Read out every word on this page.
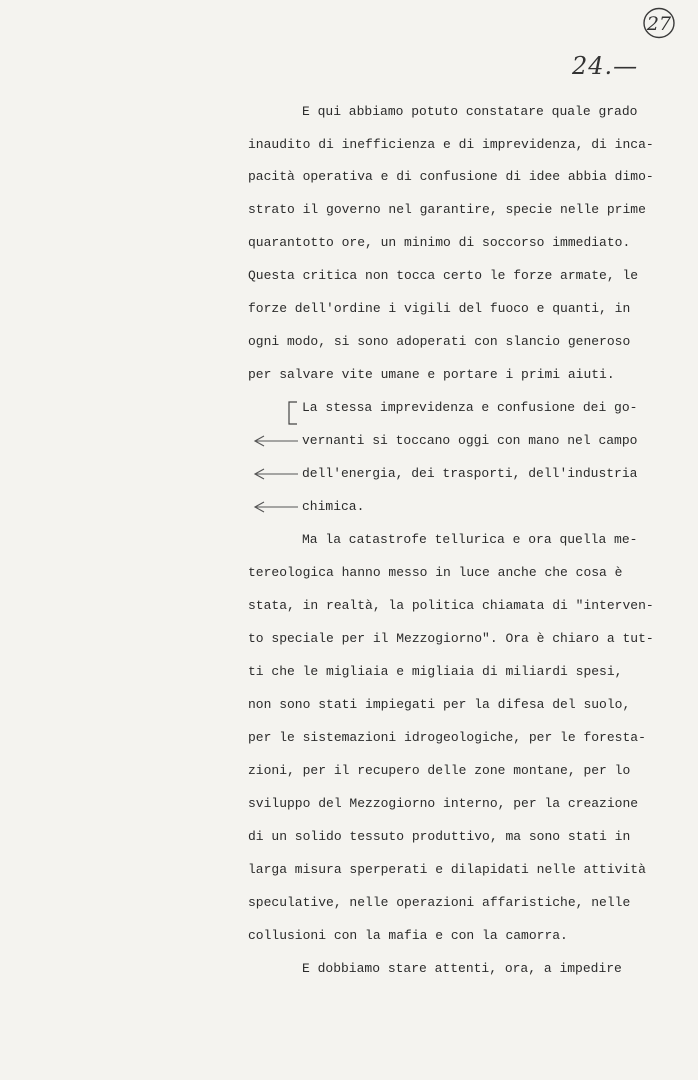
27
24.—
E qui abbiamo potuto constatare quale grado
inaudito di inefficienza e di imprevidenza, di inca-
pacità operativa e di confusione di idee abbia dimo-
strato il governo nel garantire, specie nelle prime
quarantotto ore, un minimo di soccorso immediato.
Questa critica non tocca certo le forze armate, le
forze dell'ordine i vigili del fuoco e quanti, in
ogni modo, si sono adoperati con slancio generoso
per salvare vite umane e portare i primi aiuti.
La stessa imprevidenza e confusione dei go-
vernanti si toccano oggi con mano nel campo
dell'energia, dei trasporti, dell'industria
chimica.
Ma la catastrofe tellurica e ora quella me-
tereologica hanno messo in luce anche che cosa è
stata, in realtà, la politica chiamata di "interven-
to speciale per il Mezzogiorno". Ora è chiaro a tut-
ti che le migliaia e migliaia di miliardi spesi,
non sono stati impiegati per la difesa del suolo,
per le sistemazioni idrogeologiche, per le foresta-
zioni, per il recupero delle zone montane, per lo
sviluppo del Mezzogiorno interno, per la creazione
di un solido tessuto produttivo, ma sono stati in
larga misura sperperati e dilapidati nelle attività
speculative, nelle operazioni affaristiche, nelle
collusioni con la mafia e con la camorra.
E dobbiamo stare attenti, ora, a impedire
